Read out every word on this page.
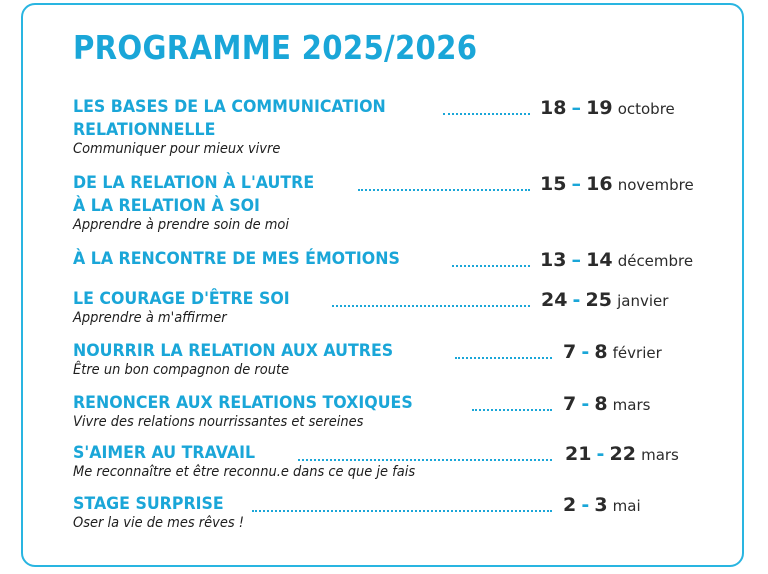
PROGRAMME 2025/2026
LES BASES DE LA COMMUNICATION
RELATIONNELLE
Communiquer pour mieux vivre
18 – 19 octobre
DE LA RELATION À L'AUTRE
À LA RELATION À SOI
Apprendre à prendre soin de moi
15 – 16 novembre
À LA RENCONTRE DE MES ÉMOTIONS	13 – 14 décembre
LE COURAGE D'ÊTRE SOI
Apprendre à m'affirmer
24 - 25 janvier
NOURRIR LA RELATION AUX AUTRES
Être un bon compagnon de route
7 - 8 février
RENONCER AUX RELATIONS TOXIQUES
Vivre des relations nourrissantes et sereines
7 - 8 mars
S'AIMER AU TRAVAIL
Me reconnaître et être reconnu.e dans ce que je fais
21 - 22 mars
STAGE SURPRISE
Oser la vie de mes rêves !
2 - 3 mai
